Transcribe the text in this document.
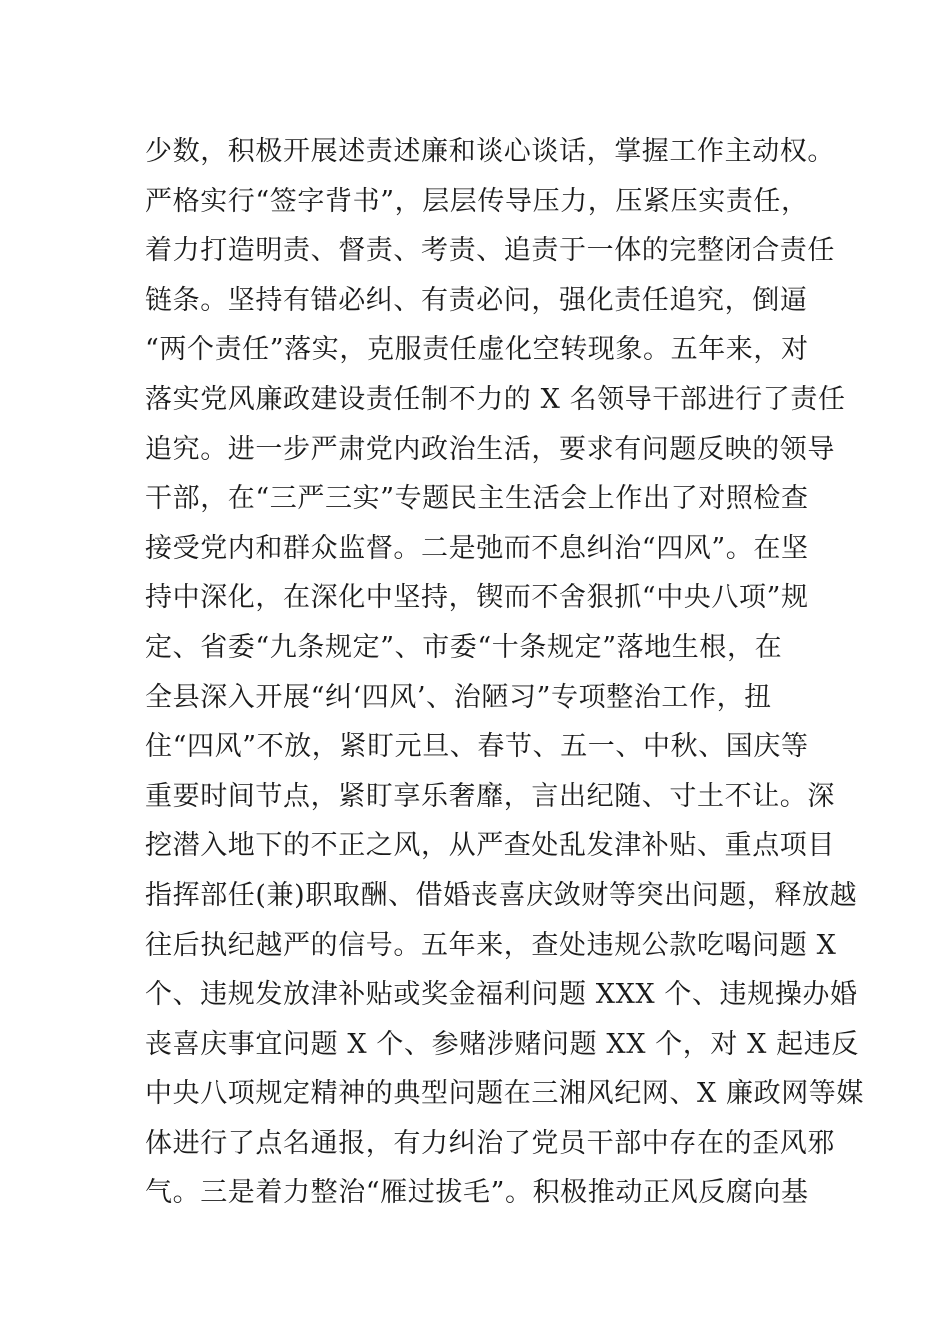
少数，积极开展述责述廉和谈心谈话，掌握工作主动权。
严格实行“签字背书”，层层传导压力，压紧压实责任，
着力打造明责、督责、考责、追责于一体的完整闭合责任
链条。坚持有错必纠、有责必问，强化责任追究，倒逼
“两个责任”落实，克服责任虚化空转现象。五年来，对
落实党风廉政建设责任制不力的 X 名领导干部进行了责任
追究。进一步严肃党内政治生活，要求有问题反映的领导
干部，在“三严三实”专题民主生活会上作出了对照检查
接受党内和群众监督。二是弛而不息纠治“四风”。在坚
持中深化，在深化中坚持，锲而不舍狠抓“中央八项”规
定、省委“九条规定”、市委“十条规定”落地生根，在
全县深入开展“纠‘四风’、治陋习”专项整治工作，扭
住“四风”不放，紧盯元旦、春节、五一、中秋、国庆等
重要时间节点，紧盯享乐奢靡，言出纪随、寸土不让。深
挖潜入地下的不正之风，从严查处乱发津补贴、重点项目
指挥部任(兼)职取酬、借婚丧喜庆敛财等突出问题，释放越
往后执纪越严的信号。五年来，查处违规公款吃喝问题 X
个、违规发放津补贴或奖金福利问题 XXX 个、违规操办婚
丧喜庆事宜问题 X 个、参赌涉赌问题 XX 个，对 X 起违反
中央八项规定精神的典型问题在三湘风纪网、X 廉政网等媒
体进行了点名通报，有力纠治了党员干部中存在的歪风邪
气。三是着力整治“雁过拔毛”。积极推动正风反腐向基
